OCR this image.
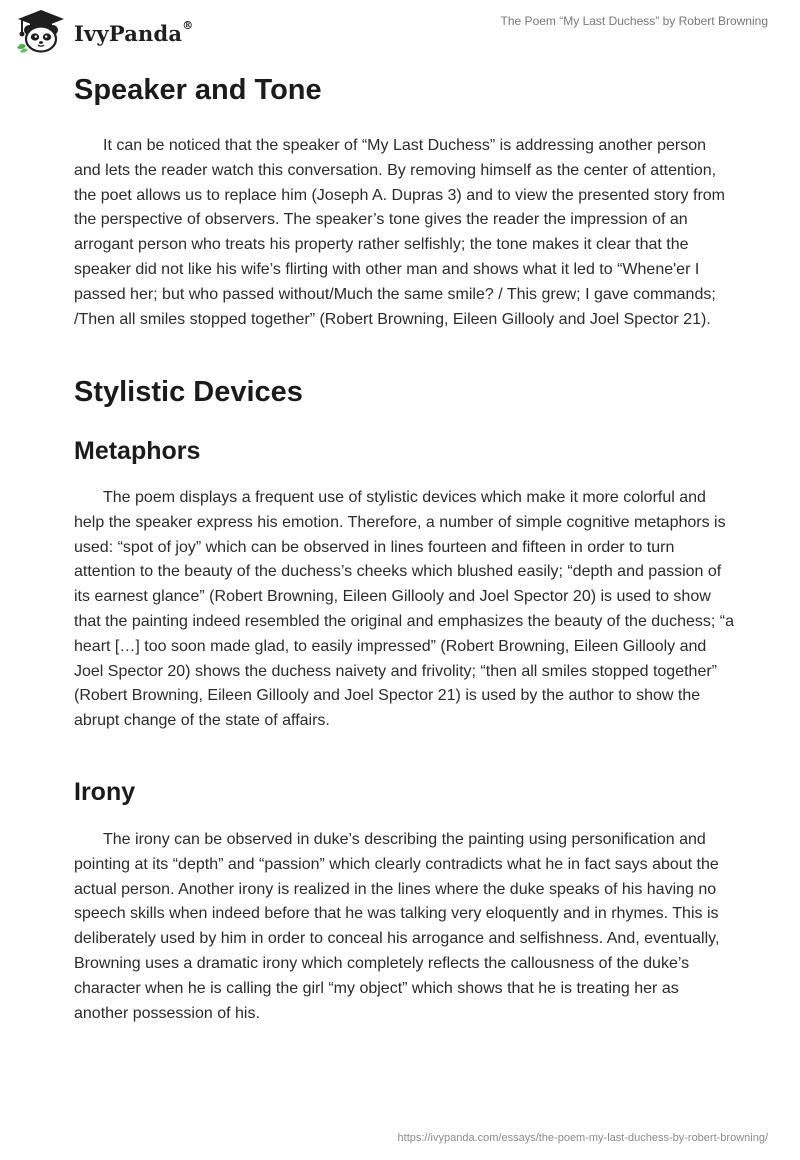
IvyPanda®	The Poem “My Last Duchess” by Robert Browning
Speaker and Tone

It can be noticed that the speaker of “My Last Duchess” is addressing another person and lets the reader watch this conversation. By removing himself as the center of attention, the poet allows us to replace him (Joseph A. Dupras 3) and to view the presented story from the perspective of observers. The speaker’s tone gives the reader the impression of an arrogant person who treats his property rather selfishly; the tone makes it clear that the speaker did not like his wife’s flirting with other man and shows what it led to “Whene'er I passed her; but who passed without/Much the same smile? / This grew; I gave commands; /Then all smiles stopped together” (Robert Browning, Eileen Gillooly and Joel Spector 21).

Stylistic Devices
Metaphors

The poem displays a frequent use of stylistic devices which make it more colorful and help the speaker express his emotion. Therefore, a number of simple cognitive metaphors is used: “spot of joy” which can be observed in lines fourteen and fifteen in order to turn attention to the beauty of the duchess’s cheeks which blushed easily; “depth and passion of its earnest glance” (Robert Browning, Eileen Gillooly and Joel Spector 20) is used to show that the painting indeed resembled the original and emphasizes the beauty of the duchess; “a heart […] too soon made glad, to easily impressed” (Robert Browning, Eileen Gillooly and Joel Spector 20) shows the duchess naivety and frivolity; “then all smiles stopped together” (Robert Browning, Eileen Gillooly and Joel Spector 21) is used by the author to show the abrupt change of the state of affairs.

Irony

The irony can be observed in duke’s describing the painting using personification and pointing at its “depth” and “passion” which clearly contradicts what he in fact says about the actual person. Another irony is realized in the lines where the duke speaks of his having no speech skills when indeed before that he was talking very eloquently and in rhymes. This is deliberately used by him in order to conceal his arrogance and selfishness. And, eventually, Browning uses a dramatic irony which completely reflects the callousness of the duke’s character when he is calling the girl “my object” which shows that he is treating her as another possession of his.

https://ivypanda.com/essays/the-poem-my-last-duchess-by-robert-browning/
